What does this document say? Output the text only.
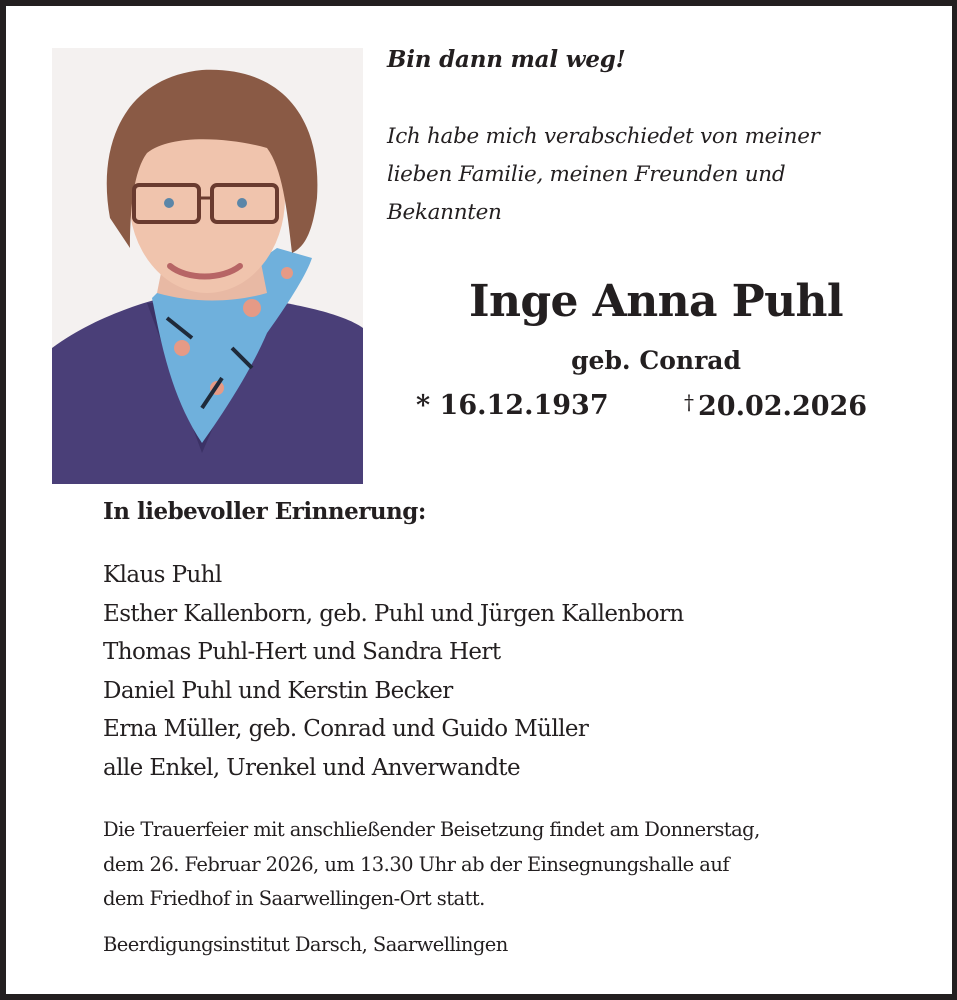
Bin dann mal weg!
Ich habe mich verabschiedet von meiner
lieben Familie, meinen Freunden und
Bekannten
Inge Anna Puhl
geb. Conrad
* 16.12.1937	† 20.02.2026
In liebevoller Erinnerung:
Klaus Puhl
Esther Kallenborn, geb. Puhl und Jürgen Kallenborn
Thomas Puhl-Hert und Sandra Hert
Daniel Puhl und Kerstin Becker
Erna Müller, geb. Conrad und Guido Müller
alle Enkel, Urenkel und Anverwandte
Die Trauerfeier mit anschließender Beisetzung findet am Donnerstag,
dem 26. Februar 2026, um 13.30 Uhr ab der Einsegnungshalle auf
dem Friedhof in Saarwellingen-Ort statt.
Beerdigungsinstitut Darsch, Saarwellingen
